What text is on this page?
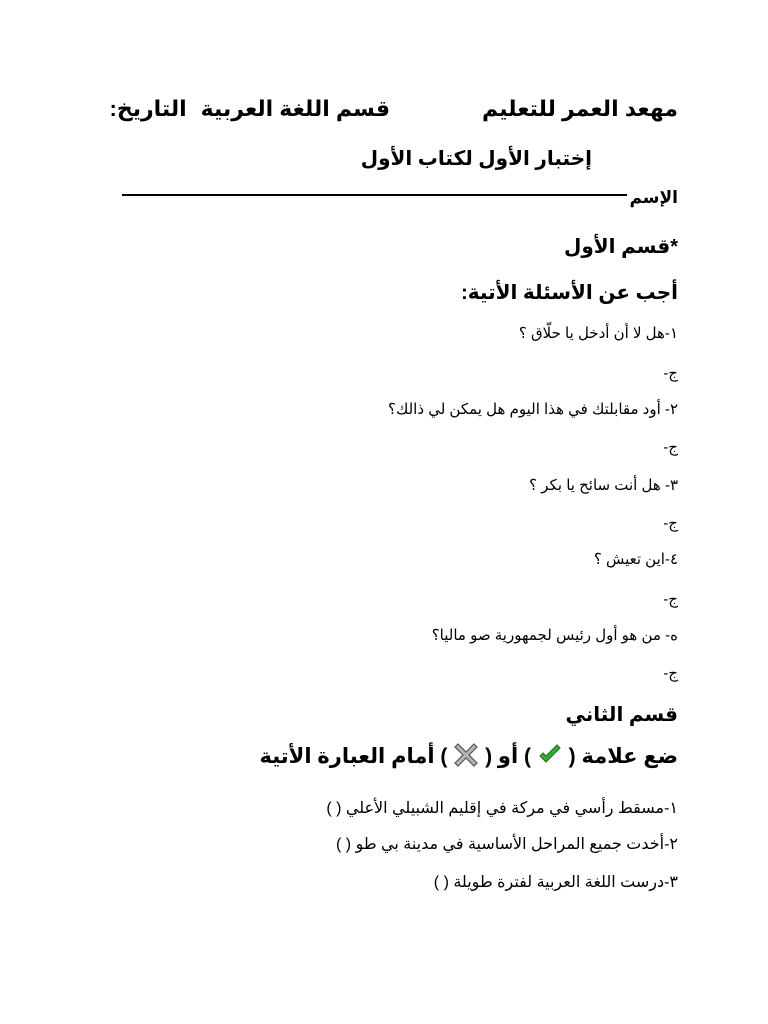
مهعد العمر للتعليمقسم اللغة العربيةالتاريخ:
إختبار الأول لكتاب الأول
الإسم
*قسم الأول
أجب عن الأسئلة الأتية:
١-هل لا أن أدخل يا حلّاق ؟
ج-
٢- أود مقابلتك في هذا اليوم هل يمكن لي ذالك؟
ج-
٣- هل أنت سائح يا بكر ؟
ج-
٤-اين تعيش ؟
ج-
ه- من هو أول رئيس لجمهورية صو ماليا؟
ج-
قسم الثاني
ضع علامة (  ) أو (  ) أمام العبارة الأتية
١-مسقط رأسي في مركة في إقليم الشبيلي الأعلي ( )
٢-أخدت جميع المراحل الأساسية في مدينة بي طو ( )
٣-درست اللغة العربية لفترة طويلة ( )
